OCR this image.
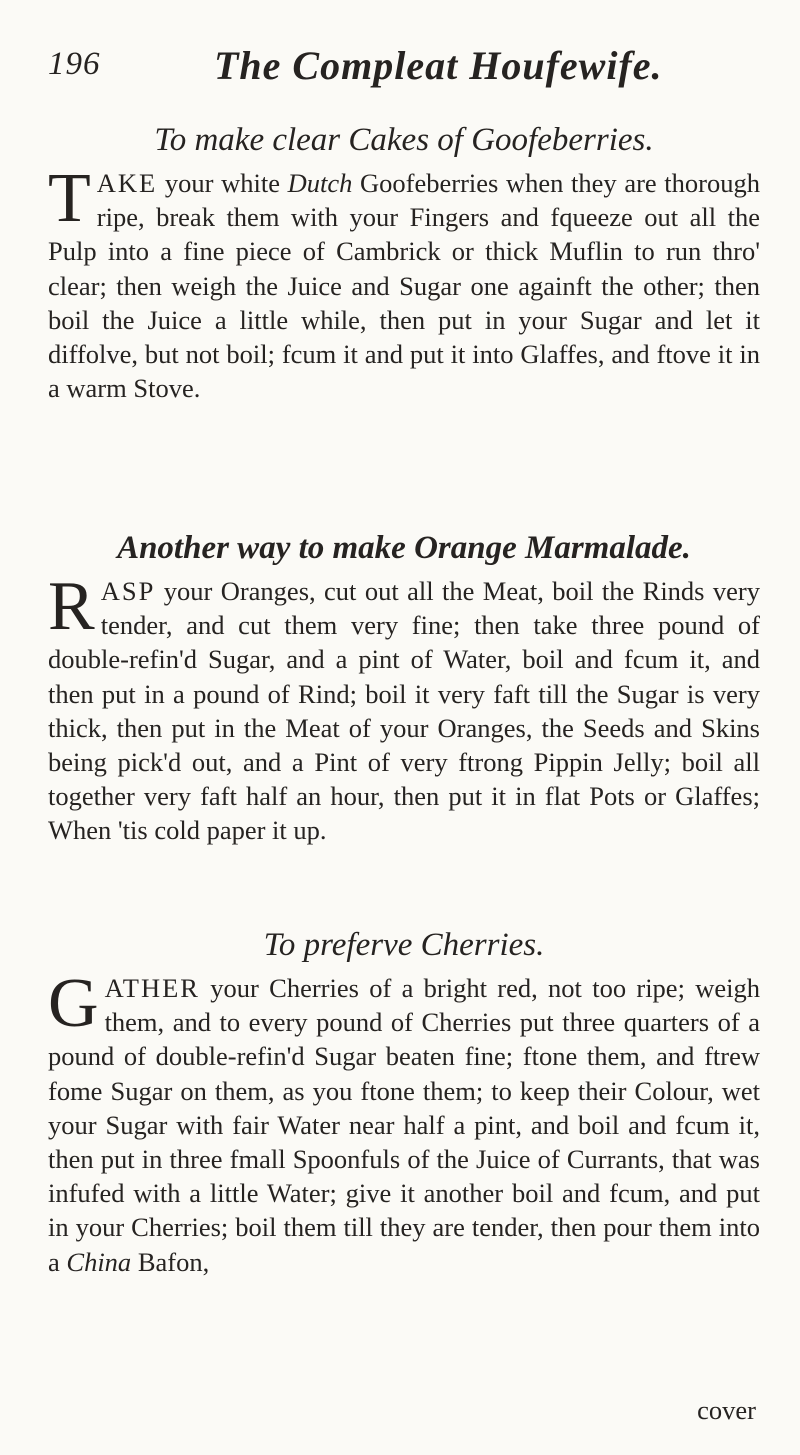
196	The Compleat Houfewife.
To make clear Cakes of Goofeberries.

TAKE your white Dutch Goofeberries when they are thorough ripe, break them with your Fingers and fqueeze out all the Pulp into a fine piece of Cambrick or thick Muflin to run thro' clear; then weigh the Juice and Sugar one againft the other; then boil the Juice a little while, then put in your Sugar and let it diffolve, but not boil; fcum it and put it into Glaffes, and ftove it in a warm Stove.

Another way to make Orange Marmalade.

RASP your Oranges, cut out all the Meat, boil the Rinds very tender, and cut them very fine; then take three pound of double-refin'd Sugar, and a pint of Water, boil and fcum it, and then put in a pound of Rind; boil it very faft till the Sugar is very thick, then put in the Meat of your Oranges, the Seeds and Skins being pick'd out, and a Pint of very ftrong Pippin Jelly; boil all together very faft half an hour, then put it in flat Pots or Glaffes; When 'tis cold paper it up.

To preferve Cherries.

GATHER your Cherries of a bright red, not too ripe; weigh them, and to every pound of Cherries put three quarters of a pound of double-refin'd Sugar beaten fine; ftone them, and ftrew fome Sugar on them, as you ftone them; to keep their Colour, wet your Sugar with fair Water near half a pint, and boil and fcum it, then put in three fmall Spoonfuls of the Juice of Currants, that was infufed with a little Water; give it another boil and fcum, and put in your Cherries; boil them till they are tender, then pour them into a China Bafon,

cover
